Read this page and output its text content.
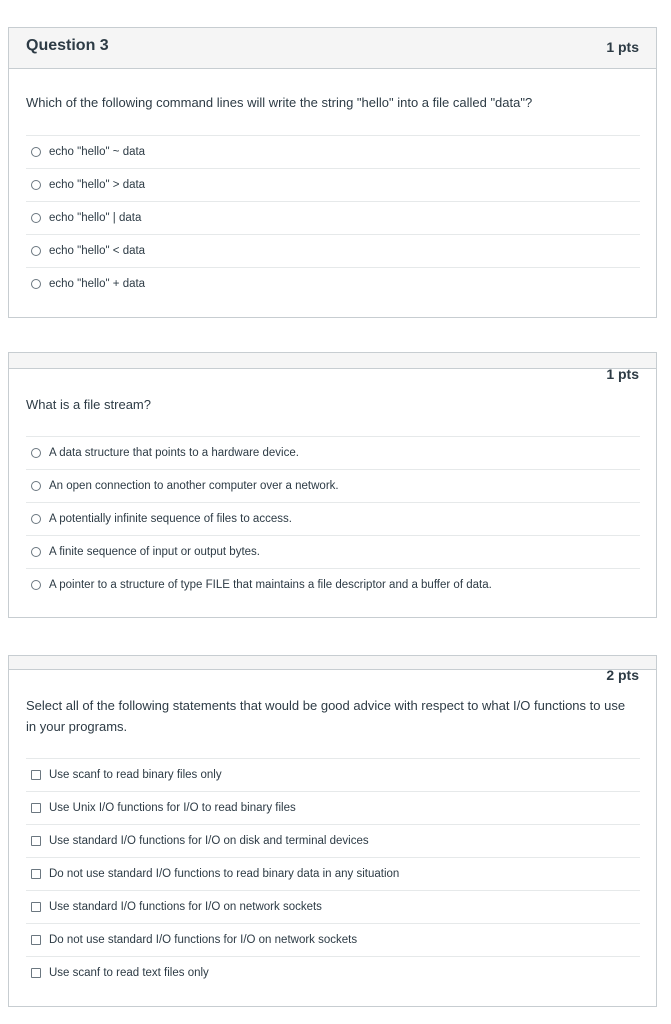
Question 3	1 pts
Which of the following command lines will write the string "hello" into a file called "data"?
echo "hello" ~ data
echo "hello" > data
echo "hello" | data
echo "hello" < data
echo "hello" + data
1 pts
What is a file stream?
A data structure that points to a hardware device.
An open connection to another computer over a network.
A potentially infinite sequence of files to access.
A finite sequence of input or output bytes.
A pointer to a structure of type FILE that maintains a file descriptor and a buffer of data.
2 pts
Select all of the following statements that would be good advice with respect to what I/O functions to use in your programs.
Use scanf to read binary files only
Use Unix I/O functions for I/O to read binary files
Use standard I/O functions for I/O on disk and terminal devices
Do not use standard I/O functions to read binary data in any situation
Use standard I/O functions for I/O on network sockets
Do not use standard I/O functions for I/O on network sockets
Use scanf to read text files only
